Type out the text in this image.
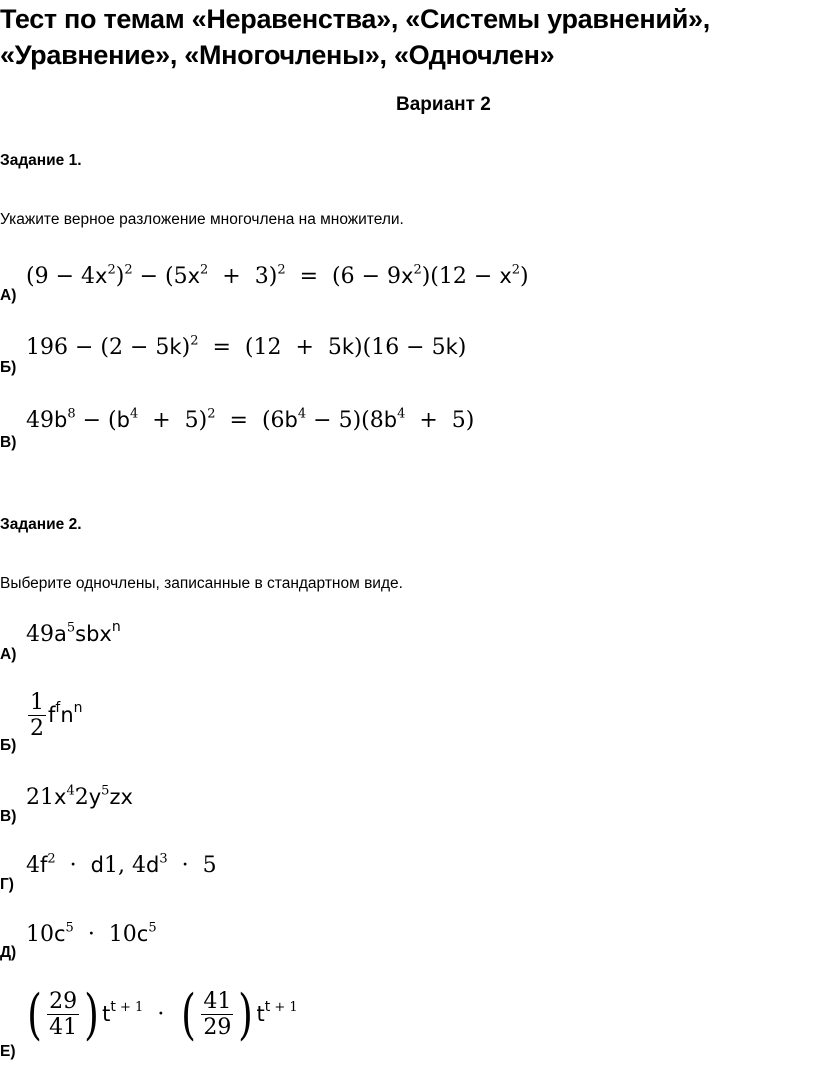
Тест по темам «Неравенства», «Системы уравнений»,
«Уравнение», «Многочлены», «Одночлен»
Вариант 2
Задание 1.
Укажите верное разложение многочлена на множители.
А)
$(9 - 4x^2)^2 - (5x^2 + 3)^2 = (6 - 9x^2)(12 - x^2)$
Б)
$196 - (2 - 5k)^2 = (12 + 5k)(16 - 5k)$
В)
$49b^8 - (b^4 + 5)^2 = (6b^4 - 5)(8b^4 + 5)$
Задание 2.
Выберите одночлены, записанные в стандартном виде.
А)
$49a^5sbx^n$
Б)
$\frac{1}{2} f^fn^n$
В)
$21x^42y^5zx$
Г)
$4f^2 \cdot d1$, $4d^3 \cdot 5$
Д)
$10c^5 \cdot 10c^5$
Е)
( $\frac{29}{41}$ ) $t^{t + 1}$  ·  ( $\frac{41}{29}$ ) $t^{t + 1}$
